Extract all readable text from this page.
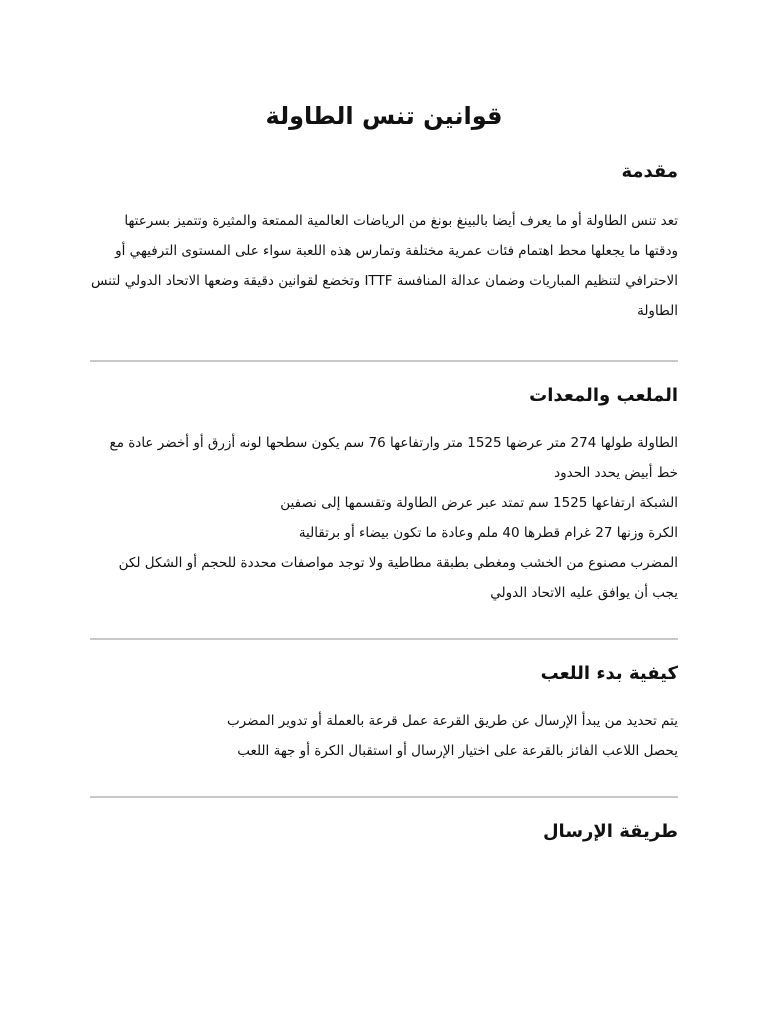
قوانين تنس الطاولة
مقدمة

تعد تنس الطاولة أو ما يعرف أيضا بالبينغ بونغ من الرياضات العالمية الممتعة والمثيرة وتتميز بسرعتها ودقتها ما يجعلها محط اهتمام فئات عمرية مختلفة وتمارس هذه اللعبة سواء على المستوى الترفيهي أو الاحترافي لتنظيم المباريات وضمان عدالة المنافسة ITTF وتخضع لقوانين دقيقة وضعها الاتحاد الدولي لتنس الطاولة

الملعب والمعدات

الطاولة طولها 274 متر عرضها 1525 متر وارتفاعها 76 سم يكون سطحها لونه أزرق أو أخضر عادة مع خط أبيض يحدد الحدود

الشبكة ارتفاعها 1525 سم تمتد عبر عرض الطاولة وتقسمها إلى نصفين

الكرة وزنها 27 غرام قطرها 40 ملم وعادة ما تكون بيضاء أو برتقالية

المضرب مصنوع من الخشب ومغطى بطبقة مطاطية ولا توجد مواصفات محددة للحجم أو الشكل لكن يجب أن يوافق عليه الاتحاد الدولي

كيفية بدء اللعب

يتم تحديد من يبدأ الإرسال عن طريق القرعة عمل قرعة بالعملة أو تدوير المضرب

يحصل اللاعب الفائز بالقرعة على اختيار الإرسال أو استقبال الكرة أو جهة اللعب

طريقة الإرسال
